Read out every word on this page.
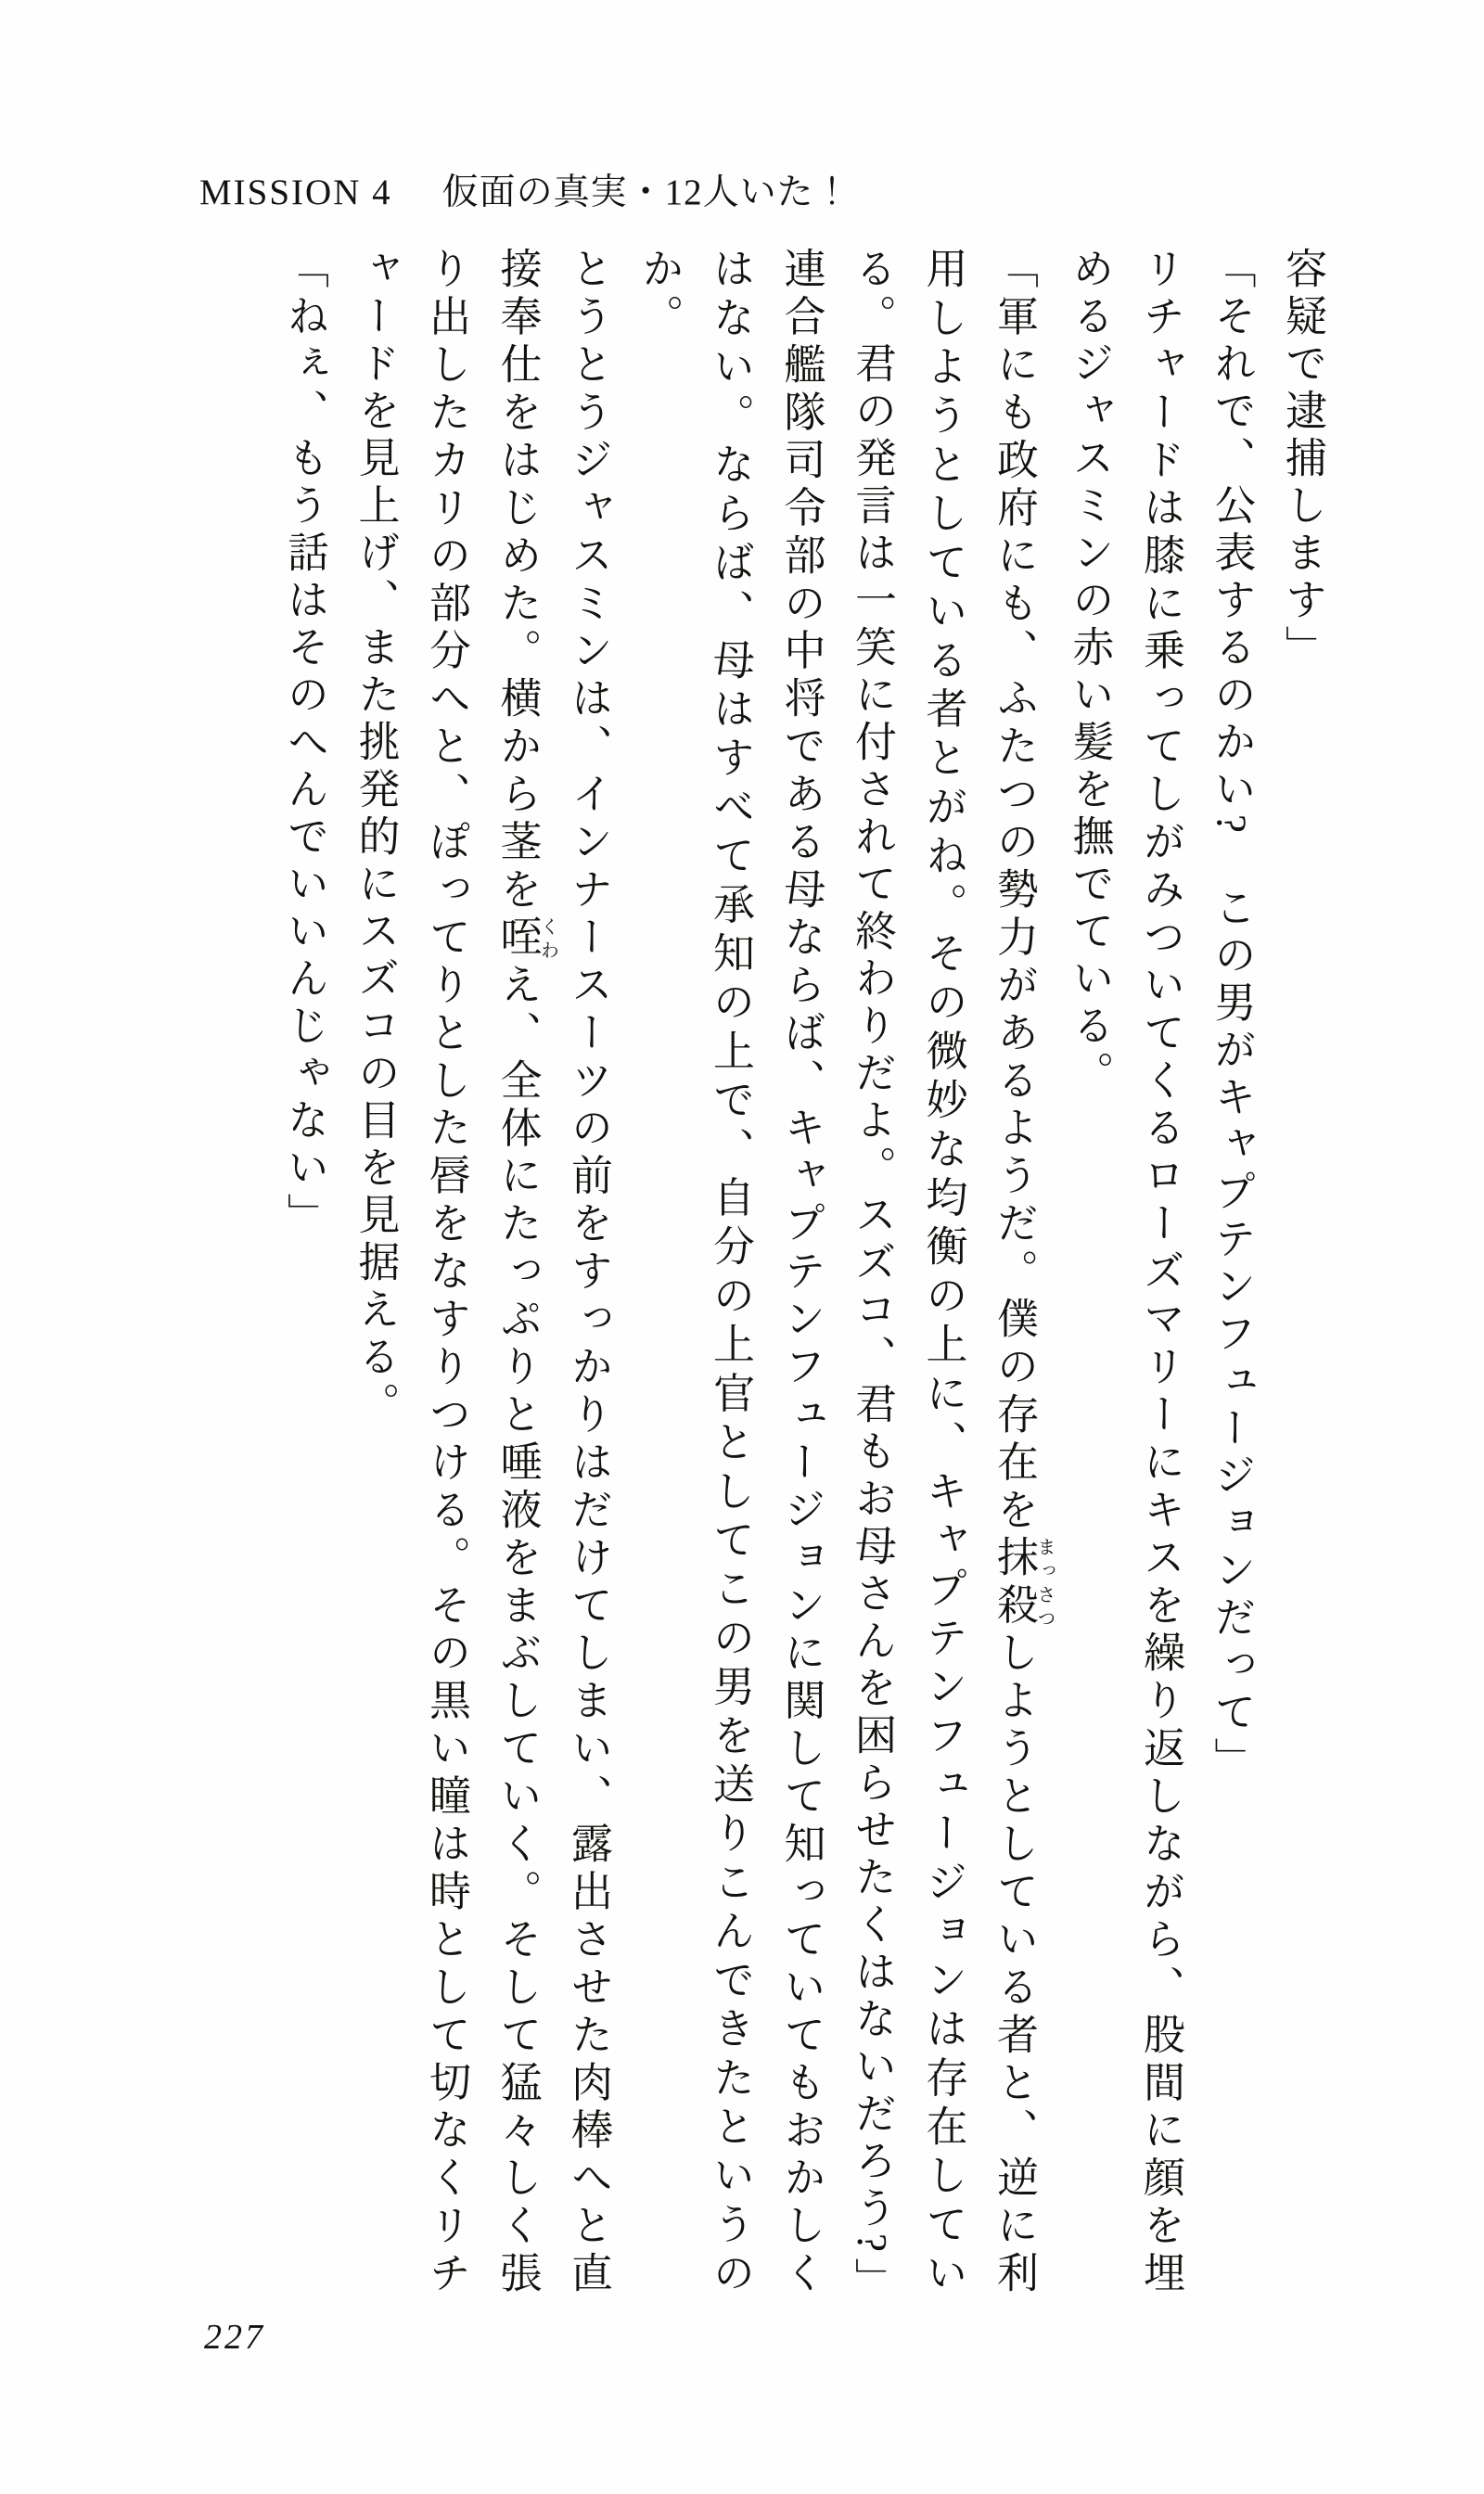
MISSION 4 仮面の真実・12人いた！

容疑で逮捕します」

「それで、公表するのかい?　この男がキャプテンフュージョンだって」

リチャードは膝に乗ってしがみついてくるローズマリーにキスを繰り返しながら、股間に顔を埋めるジャスミンの赤い髪を撫でている。

「軍にも政府にも、ふたつの勢力があるようだ。僕の存在を抹殺まっさつしようとしている者と、逆に利用しようとしている者とがね。その微妙な均衡の上に、キャプテンフュージョンは存在している。君の発言は一笑に付されて終わりだよ。スズコ、君もお母さんを困らせたくはないだろう?」

連合艦隊司令部の中将である母ならば、キャプテンフュージョンに関して知っていてもおかしくはない。ならば、母はすべて承知の上で、自分の上官としてこの男を送りこんできたというのか。

とうとうジャスミンは、インナースーツの前をすっかりはだけてしまい、露出させた肉棒へと直接奉仕をはじめた。横から茎を咥くわえ、全体にたっぷりと唾液をまぶしていく。そして猛々しく張り出したカリの部分へと、ぽってりとした唇をなすりつける。その黒い瞳は時として切なくリチャードを見上げ、また挑発的にスズコの目を見据える。

「ねぇ、もう話はそのへんでいいんじゃない」

227
